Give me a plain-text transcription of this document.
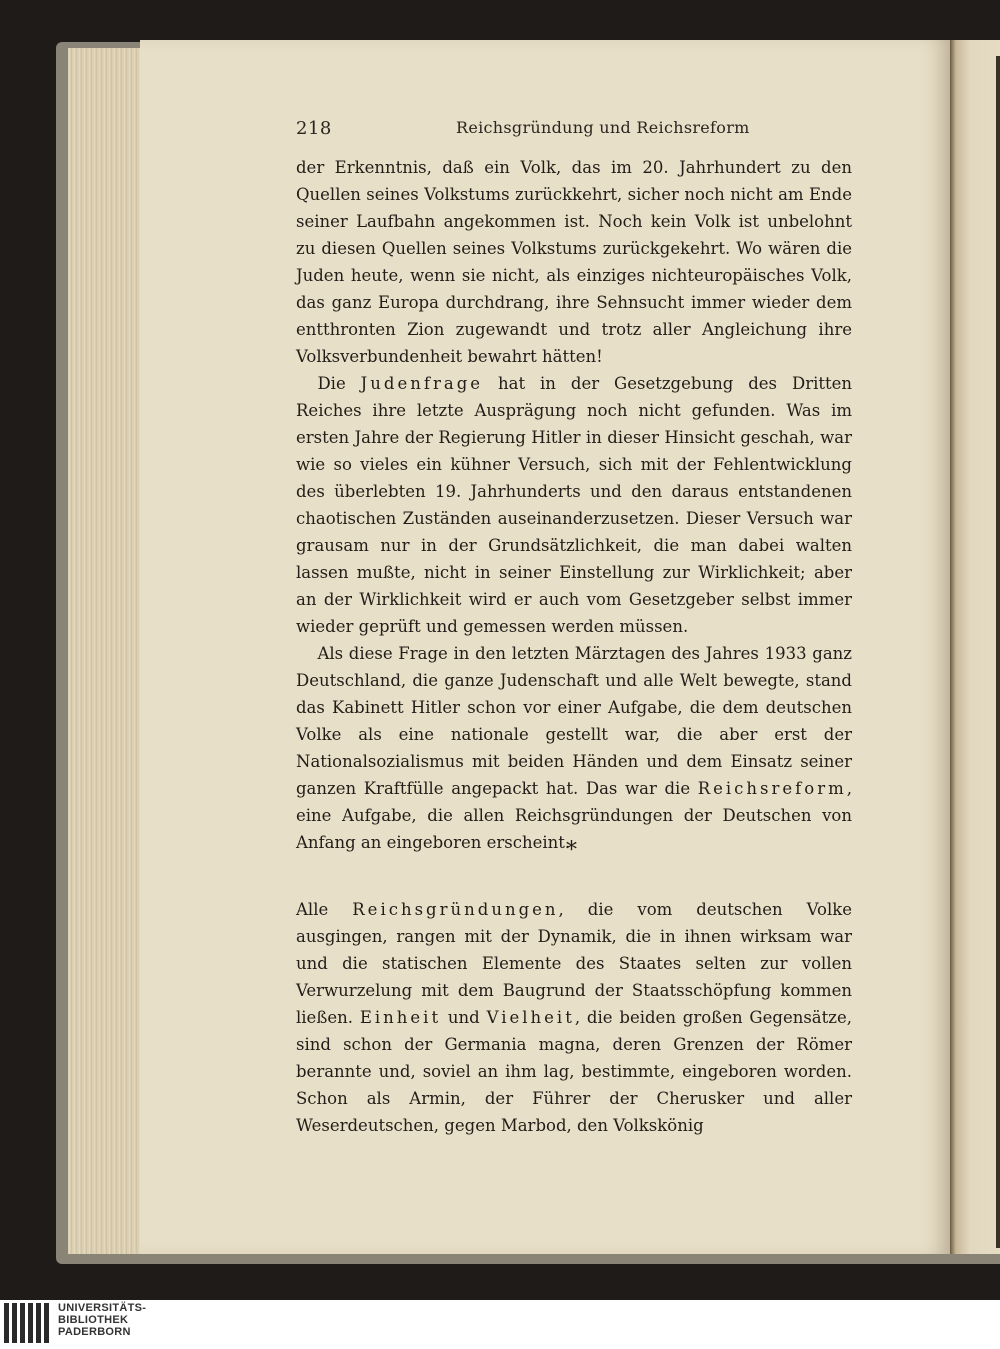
218	Reichsgründung und Reichsreform

der Erkenntnis, daß ein Volk, das im 20. Jahrhundert zu den Quellen seines Volkstums zurückkehrt, sicher noch nicht am Ende seiner Laufbahn angekommen ist. Noch kein Volk ist unbelohnt zu diesen Quellen seines Volkstums zurückgekehrt. Wo wären die Juden heute, wenn sie nicht, als einziges nichteuropäisches Volk, das ganz Europa durchdrang, ihre Sehnsucht immer wieder dem entthronten Zion zugewandt und trotz aller Angleichung ihre Volksverbundenheit bewahrt hätten!

Die Judenfrage hat in der Gesetzgebung des Dritten Reiches ihre letzte Ausprägung noch nicht gefunden. Was im ersten Jahre der Regierung Hitler in dieser Hinsicht geschah, war wie so vieles ein kühner Versuch, sich mit der Fehlentwicklung des überlebten 19. Jahrhunderts und den daraus entstandenen chaotischen Zuständen auseinanderzusetzen. Dieser Versuch war grausam nur in der Grundsätzlichkeit, die man dabei walten lassen mußte, nicht in seiner Einstellung zur Wirklichkeit; aber an der Wirklichkeit wird er auch vom Gesetzgeber selbst immer wieder geprüft und gemessen werden müssen.

Als diese Frage in den letzten Märztagen des Jahres 1933 ganz Deutschland, die ganze Judenschaft und alle Welt bewegte, stand das Kabinett Hitler schon vor einer Aufgabe, die dem deutschen Volke als eine nationale gestellt war, die aber erst der Nationalsozialismus mit beiden Händen und dem Einsatz seiner ganzen Kraftfülle angepackt hat. Das war die Reichsreform, eine Aufgabe, die allen Reichsgründungen der Deutschen von Anfang an eingeboren erscheint.

*

Alle Reichsgründungen, die vom deutschen Volke ausgingen, rangen mit der Dynamik, die in ihnen wirksam war und die statischen Elemente des Staates selten zur vollen Verwurzelung mit dem Baugrund der Staatsschöpfung kommen ließen. Einheit und Vielheit, die beiden großen Gegensätze, sind schon der Germania magna, deren Grenzen der Römer berannte und, soviel an ihm lag, bestimmte, eingeboren worden. Schon als Armin, der Führer der Cherusker und aller Weserdeutschen, gegen Marbod, den Volkskönig

UNIVERSITÄTS-
BIBLIOTHEK
PADERBORN
